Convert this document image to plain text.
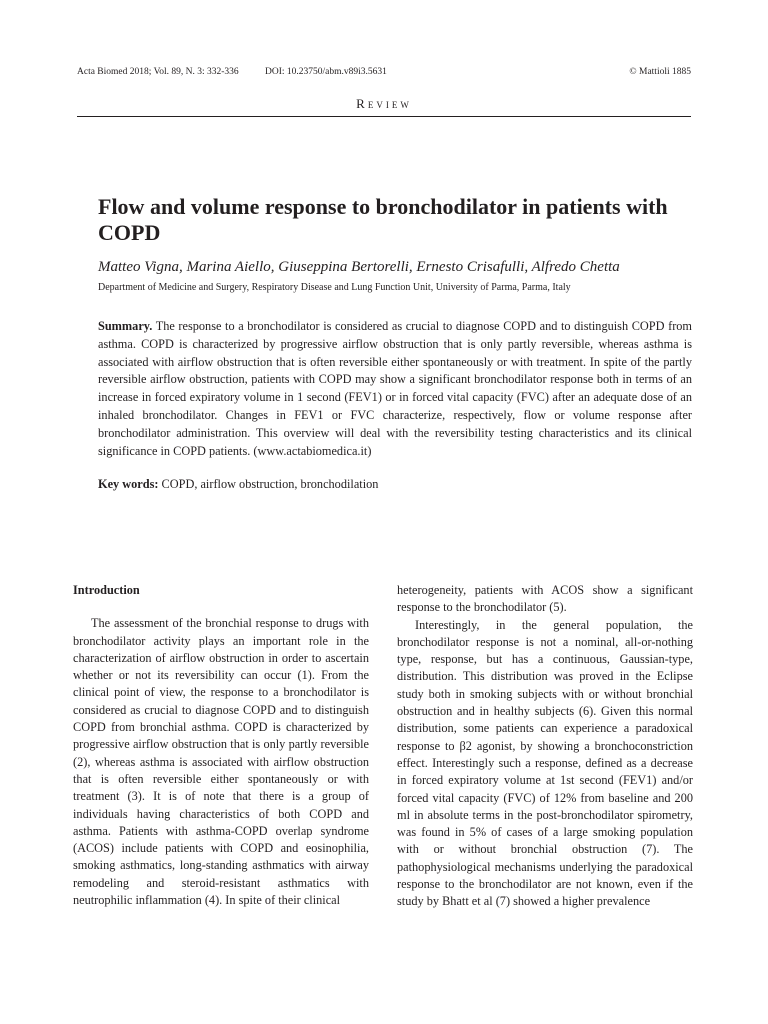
Acta Biomed 2018; Vol. 89, N. 3: 332-336	DOI: 10.23750/abm.v89i3.5631	© Mattioli 1885
Review
Flow and volume response to bronchodilator in patients with COPD
Matteo Vigna, Marina Aiello, Giuseppina Bertorelli, Ernesto Crisafulli, Alfredo Chetta
Department of Medicine and Surgery, Respiratory Disease and Lung Function Unit, University of Parma, Parma, Italy

Summary. The response to a bronchodilator is considered as crucial to diagnose COPD and to distinguish COPD from asthma. COPD is characterized by progressive airflow obstruction that is only partly reversible, whereas asthma is associated with airflow obstruction that is often reversible either spontaneously or with treatment. In spite of the partly reversible airflow obstruction, patients with COPD may show a significant bronchodilator response both in terms of an increase in forced expiratory volume in 1 second (FEV1) or in forced vital capacity (FVC) after an adequate dose of an inhaled bronchodilator. Changes in FEV1 or FVC characterize, respectively, flow or volume response after bronchodilator administration. This overview will deal with the reversibility testing characteristics and its clinical significance in COPD patients. (www.actabiomedica.it)

Key words: COPD, airflow obstruction, bronchodilation

Introduction

The assessment of the bronchial response to drugs with bronchodilator activity plays an important role in the characterization of airflow obstruction in order to ascertain whether or not its reversibility can occur (1). From the clinical point of view, the response to a bronchodilator is considered as crucial to diagnose COPD and to distinguish COPD from bronchial asthma. COPD is characterized by progressive airflow obstruction that is only partly reversible (2), whereas asthma is associated with airflow obstruction that is often reversible either spontaneously or with treatment (3). It is of note that there is a group of individuals having characteristics of both COPD and asthma. Patients with asthma-COPD overlap syndrome (ACOS) include patients with COPD and eosinophilia, smoking asthmatics, long-standing asthmatics with airway remodeling and steroid-resistant asthmatics with neutrophilic inflammation (4). In spite of their clinical

heterogeneity, patients with ACOS show a significant response to the bronchodilator (5).

Interestingly, in the general population, the bronchodilator response is not a nominal, all-or-nothing type, response, but has a continuous, Gaussian-type, distribution. This distribution was proved in the Eclipse study both in smoking subjects with or without bronchial obstruction and in healthy subjects (6). Given this normal distribution, some patients can experience a paradoxical response to β2 agonist, by showing a bronchoconstriction effect. Interestingly such a response, defined as a decrease in forced expiratory volume at 1st second (FEV1) and/or forced vital capacity (FVC) of 12% from baseline and 200 ml in absolute terms in the post-bronchodilator spirometry, was found in 5% of cases of a large smoking population with or without bronchial obstruction (7). The pathophysiological mechanisms underlying the paradoxical response to the bronchodilator are not known, even if the study by Bhatt et al (7) showed a higher prevalence
